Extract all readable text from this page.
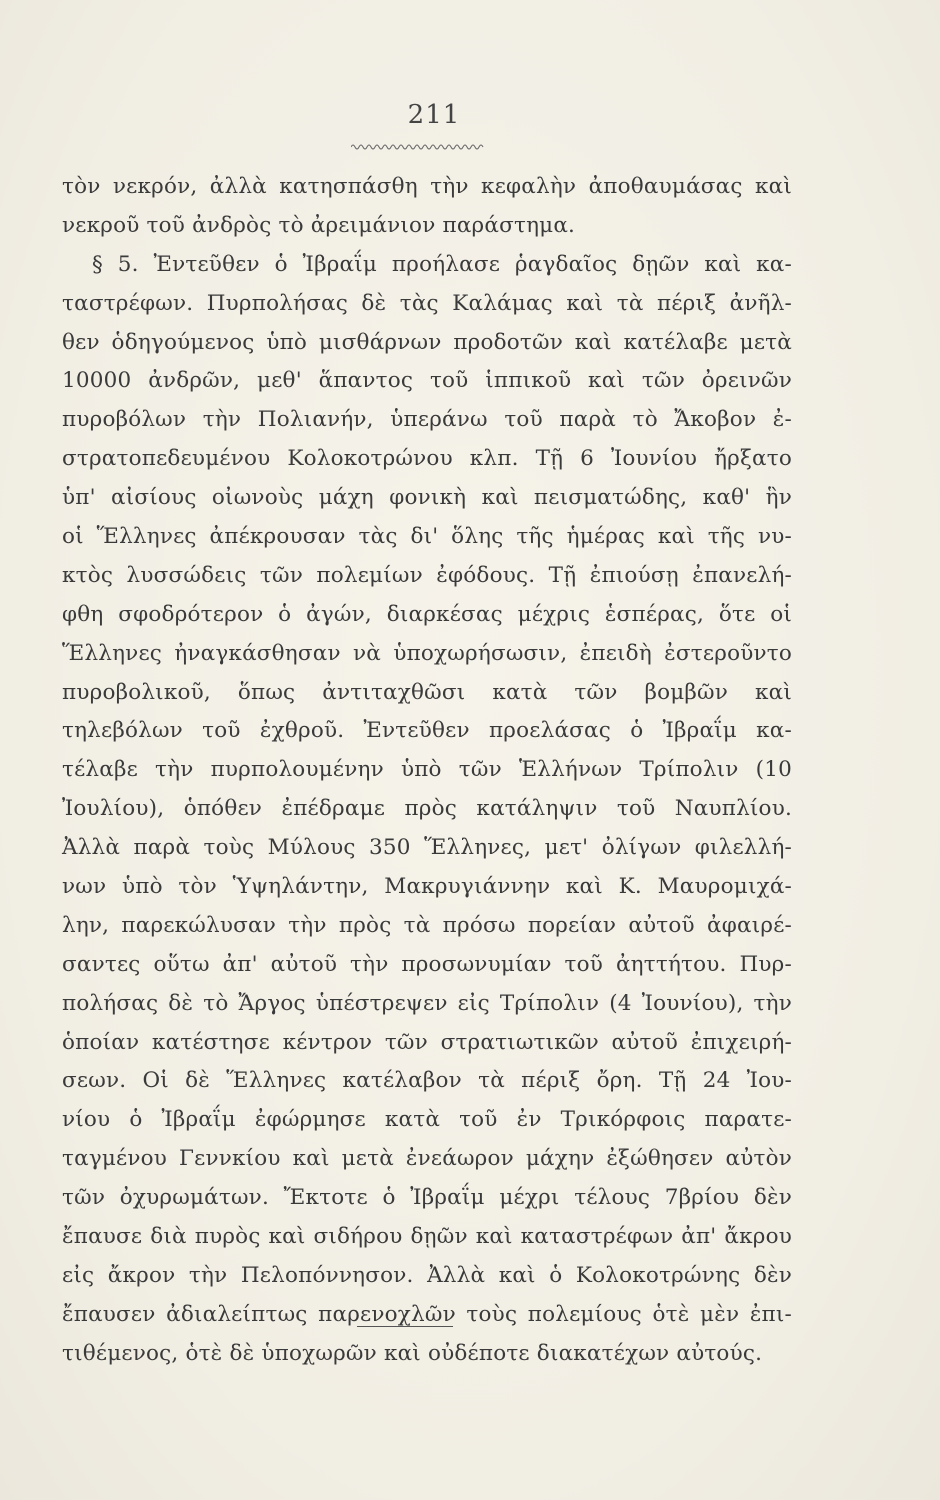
211
τὸν νεκρόν, ἀλλὰ κατησπάσθη τὴν κεφαλὴν ἀποθαυμάσας καὶ
νεκροῦ τοῦ ἀνδρὸς τὸ ἀρειμάνιον παράστημα.
§ 5. Ἐντεῦθεν ὁ Ἰβραΐμ προήλασε ῥαγδαῖος δῃῶν καὶ κα-
ταστρέφων. Πυρπολήσας δὲ τὰς Καλάμας καὶ τὰ πέριξ ἀνῆλ-
θεν ὁδηγούμενος ὑπὸ μισθάρνων προδοτῶν καὶ κατέλαβε μετὰ
10000 ἀνδρῶν, μεθ' ἅπαντος τοῦ ἱππικοῦ καὶ τῶν ὀρεινῶν
πυροβόλων τὴν Πολιανήν, ὑπεράνω τοῦ παρὰ τὸ Ἄκοβον ἐ-
στρατοπεδευμένου Κολοκοτρώνου κλπ. Τῇ 6 Ἰουνίου ἤρξατο
ὑπ' αἰσίους οἰωνοὺς μάχη φονικὴ καὶ πεισματώδης, καθ' ἣν
οἱ Ἕλληνες ἀπέκρουσαν τὰς δι' ὅλης τῆς ἡμέρας καὶ τῆς νυ-
κτὸς λυσσώδεις τῶν πολεμίων ἐφόδους. Τῇ ἐπιούσῃ ἐπανελή-
φθη σφοδρότερον ὁ ἀγών, διαρκέσας μέχρις ἑσπέρας, ὅτε οἱ
Ἕλληνες ἠναγκάσθησαν νὰ ὑποχωρήσωσιν, ἐπειδὴ ἐστεροῦντο
πυροβολικοῦ, ὅπως ἀντιταχθῶσι κατὰ τῶν βομβῶν καὶ
τηλεβόλων τοῦ ἐχθροῦ. Ἐντεῦθεν προελάσας ὁ Ἰβραΐμ κα-
τέλαβε τὴν πυρπολουμένην ὑπὸ τῶν Ἑλλήνων Τρίπολιν (10
Ἰουλίου), ὁπόθεν ἐπέδραμε πρὸς κατάληψιν τοῦ Ναυπλίου.
Ἀλλὰ παρὰ τοὺς Μύλους 350 Ἕλληνες, μετ' ὀλίγων φιλελλή-
νων ὑπὸ τὸν Ὑψηλάντην, Μακρυγιάννην καὶ Κ. Μαυρομιχά-
λην, παρεκώλυσαν τὴν πρὸς τὰ πρόσω πορείαν αὐτοῦ ἀφαιρέ-
σαντες οὕτω ἀπ' αὐτοῦ τὴν προσωνυμίαν τοῦ ἀηττήτου. Πυρ-
πολήσας δὲ τὸ Ἄργος ὑπέστρεψεν εἰς Τρίπολιν (4 Ἰουνίου), τὴν
ὁποίαν κατέστησε κέντρον τῶν στρατιωτικῶν αὐτοῦ ἐπιχειρή-
σεων. Οἱ δὲ Ἕλληνες κατέλαβον τὰ πέριξ ὄρη. Τῇ 24 Ἰου-
νίου ὁ Ἰβραΐμ ἐφώρμησε κατὰ τοῦ ἐν Τρικόρφοις παρατε-
ταγμένου Γεννκίου καὶ μετὰ ἐνεάωρον μάχην ἐξώθησεν αὐτὸν
τῶν ὀχυρωμάτων. Ἔκτοτε ὁ Ἰβραΐμ μέχρι τέλους 7βρίου δὲν
ἔπαυσε διὰ πυρὸς καὶ σιδήρου δῃῶν καὶ καταστρέφων ἀπ' ἄκρου
εἰς ἄκρον τὴν Πελοπόννησον. Ἀλλὰ καὶ ὁ Κολοκοτρώνης δὲν
ἔπαυσεν ἀδιαλείπτως παρενοχλῶν τοὺς πολεμίους ὁτὲ μὲν ἐπι-
τιθέμενος, ὁτὲ δὲ ὑποχωρῶν καὶ οὐδέποτε διακατέχων αὐτούς.
